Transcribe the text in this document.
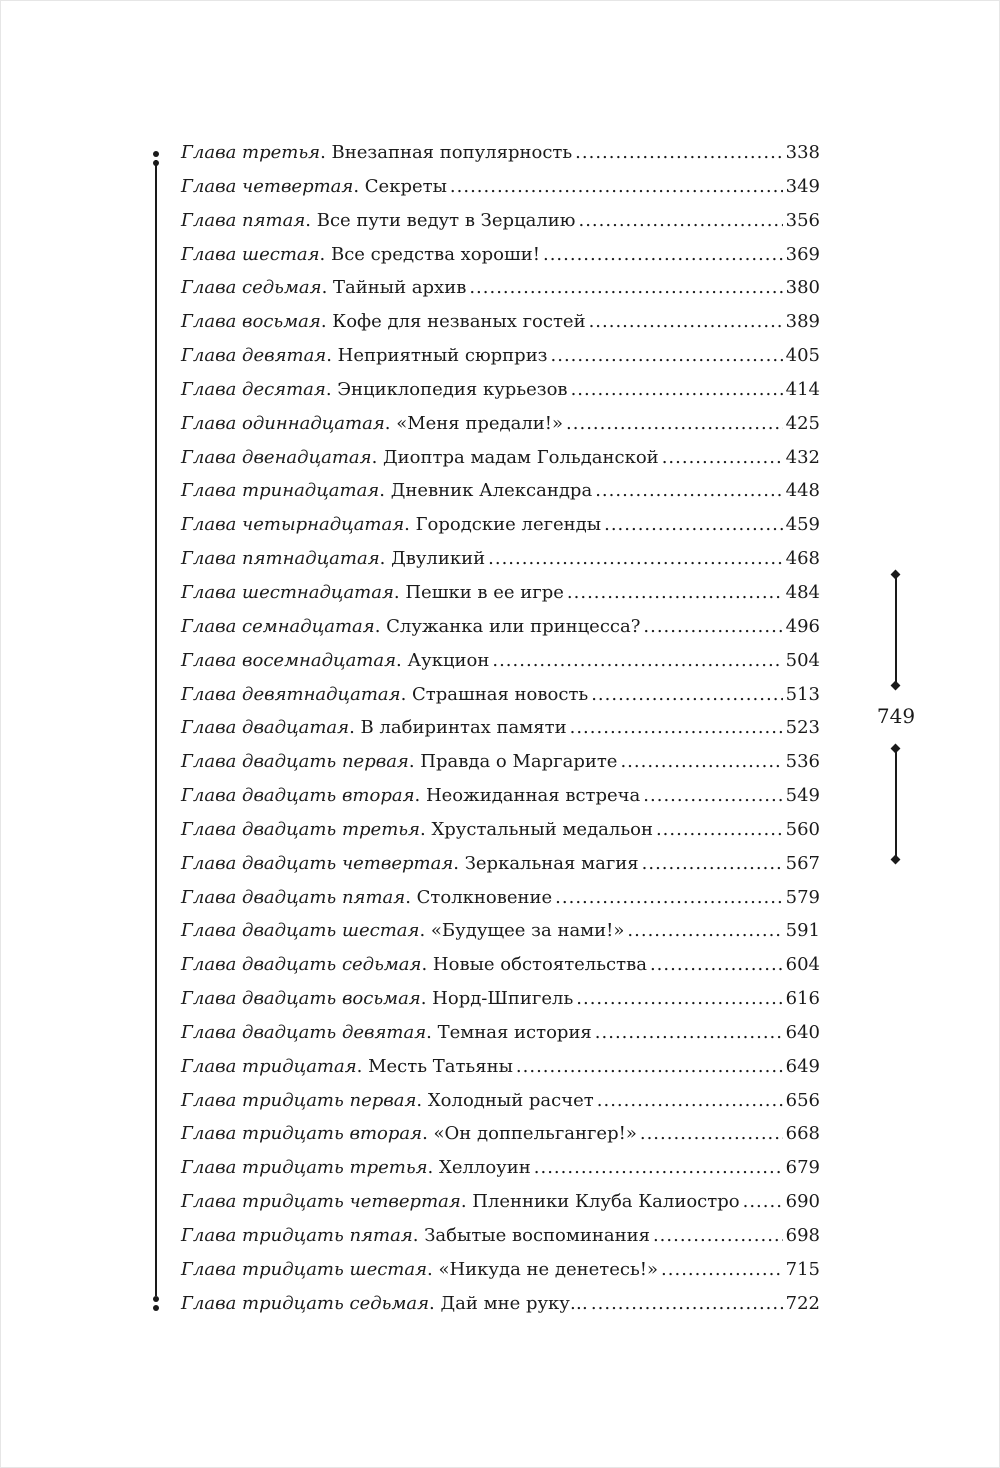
Глава третья . Внезапная популярность .....	338
Глава четвертая . Секреты .....	349
Глава пятая . Все пути ведут в Зерцалию .....	356
Глава шестая . Все средства хороши! .....	369
Глава седьмая . Тайный архив .....	380
Глава восьмая . Кофе для незваных гостей .....	389
Глава девятая . Неприятный сюрприз .....	405
Глава десятая . Энциклопедия курьезов .....	414
Глава одиннадцатая . «Меня предали!» .....	425
Глава двенадцатая . Диоптра мадам Гольданской .....	432
Глава тринадцатая . Дневник Александра .....	448
Глава четырнадцатая . Городские легенды .....	459
Глава пятнадцатая . Двуликий .....	468
Глава шестнадцатая . Пешки в ее игре .....	484
Глава семнадцатая . Служанка или принцесса? .....	496
Глава восемнадцатая . Аукцион .....	504
Глава девятнадцатая . Страшная новость .....	513
Глава двадцатая . В лабиринтах памяти .....	523
Глава двадцать первая . Правда о Маргарите .....	536
Глава двадцать вторая . Неожиданная встреча .....	549
Глава двадцать третья . Хрустальный медальон .....	560
Глава двадцать четвертая . Зеркальная магия .....	567
Глава двадцать пятая . Столкновение .....	579
Глава двадцать шестая . «Будущее за нами!» .....	591
Глава двадцать седьмая . Новые обстоятельства .....	604
Глава двадцать восьмая . Норд-Шпигель .....	616
Глава двадцать девятая . Темная история .....	640
Глава тридцатая . Месть Татьяны .....	649
Глава тридцать первая . Холодный расчет .....	656
Глава тридцать вторая . «Он доппельгангер!» .....	668
Глава тридцать третья . Хеллоуин .....	679
Глава тридцать четвертая . Пленники Клуба Калиостро .....	690
Глава тридцать пятая . Забытые воспоминания .....	698
Глава тридцать шестая . «Никуда не денетесь!» .....	715
Глава тридцать седьмая . Дай мне руку… .....	722
749
